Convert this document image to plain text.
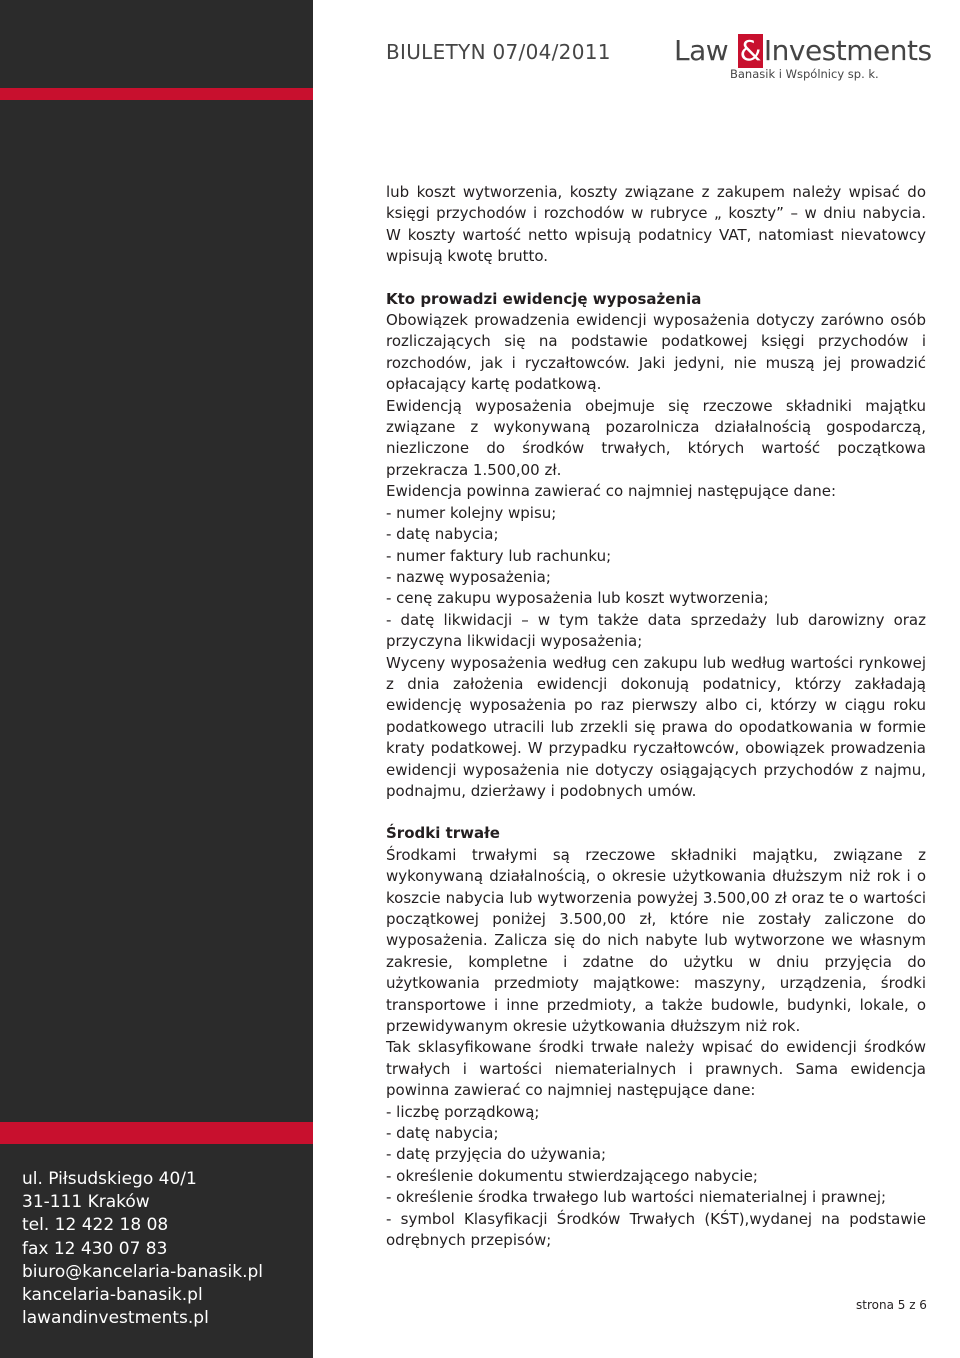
ul. Piłsudskiego 40/1
31-111 Kraków
tel. 12 422 18 08
fax 12 430 07 83
biuro@kancelaria-banasik.pl
kancelaria-banasik.pl
lawandinvestments.pl
BIULETYN 07/04/2011 Law & Investments
Banasik i Wspólnicy sp. k.

lub koszt wytworzenia, koszty związane z zakupem należy wpisać do księgi przychodów i rozchodów w rubryce „ koszty” – w dniu nabycia. W koszty wartość netto wpisują podatnicy VAT, natomiast nievatowcy wpisują kwotę brutto.

Kto prowadzi ewidencję wyposażenia

Obowiązek prowadzenia ewidencji wyposażenia dotyczy zarówno osób rozliczających się na podstawie podatkowej księgi przychodów i rozchodów, jak i ryczałtowców. Jaki jedyni, nie muszą jej prowadzić opłacający kartę podatkową.

Ewidencją wyposażenia obejmuje się rzeczowe składniki majątku związane z wykonywaną pozarolnicza działalnością gospodarczą, niezliczone do środków trwałych, których wartość początkowa przekracza 1.500,00 zł.

Ewidencja powinna zawierać co najmniej następujące dane:

- numer kolejny wpisu;

- datę nabycia;

- numer faktury lub rachunku;

- nazwę wyposażenia;

- cenę zakupu wyposażenia lub koszt wytworzenia;

- datę likwidacji – w tym także data sprzedaży lub darowizny oraz przyczyna likwidacji wyposażenia;

Wyceny wyposażenia według cen zakupu lub według wartości rynkowej z dnia założenia ewidencji dokonują podatnicy, którzy zakładają ewidencję wyposażenia po raz pierwszy albo ci, którzy w ciągu roku podatkowego utracili lub zrzekli się prawa do opodatkowania w formie kraty podatkowej. W przypadku ryczałtowców, obowiązek prowadzenia ewidencji wyposażenia nie dotyczy osiągających przychodów z najmu, podnajmu, dzierżawy i podobnych umów.

Środki trwałe

Środkami trwałymi są rzeczowe składniki majątku, związane z wykonywaną działalnością, o okresie użytkowania dłuższym niż rok i o koszcie nabycia lub wytworzenia powyżej 3.500,00 zł oraz te o wartości początkowej poniżej 3.500,00 zł, które nie zostały zaliczone do wyposażenia. Zalicza się do nich nabyte lub wytworzone we własnym zakresie, kompletne i zdatne do użytku w dniu przyjęcia do użytkowania przedmioty majątkowe: maszyny, urządzenia, środki transportowe i inne przedmioty, a także budowle, budynki, lokale, o przewidywanym okresie użytkowania dłuższym niż rok.

Tak sklasyfikowane środki trwałe należy wpisać do ewidencji środków trwałych i wartości niematerialnych i prawnych. Sama ewidencja powinna zawierać co najmniej następujące dane:

- liczbę porządkową;

- datę nabycia;

- datę przyjęcia do używania;

- określenie dokumentu stwierdzającego nabycie;

- określenie środka trwałego lub wartości niematerialnej i prawnej;

- symbol Klasyfikacji Środków Trwałych (KŚT),wydanej na podstawie odrębnych przepisów;

strona 5 z 6
